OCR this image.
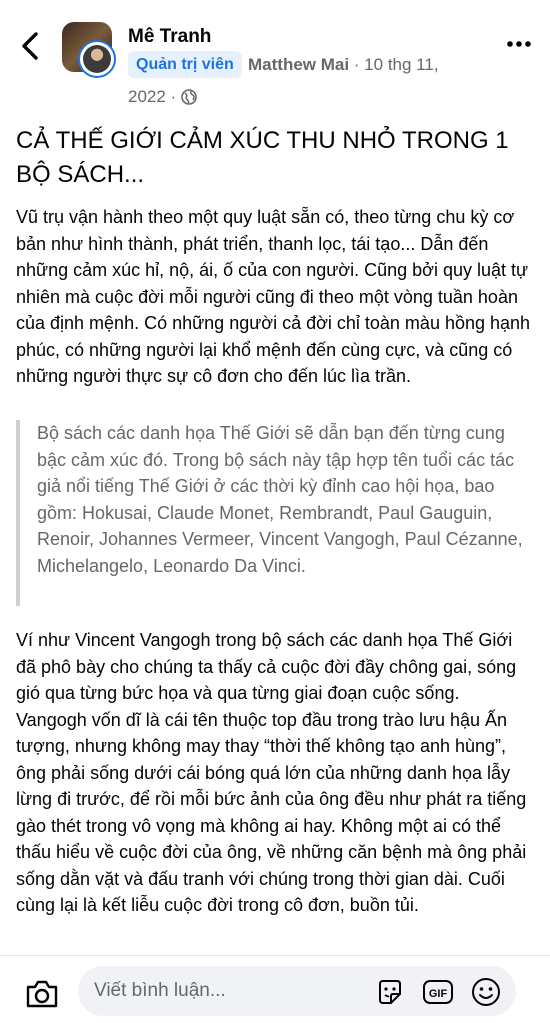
Mê Tranh
Quản trị viên Matthew Mai · 10 thg 11,
2022 ·
CẢ THẾ GIỚI CẢM XÚC THU NHỎ TRONG 1 BỘ SÁCH...

Vũ trụ vận hành theo một quy luật sẵn có, theo từng chu kỳ cơ bản như hình thành, phát triển, thanh lọc, tái tạo... Dẫn đến những cảm xúc hỉ, nộ, ái, ố của con người. Cũng bởi quy luật tự nhiên mà cuộc đời mỗi người cũng đi theo một vòng tuần hoàn của định mệnh. Có những người cả đời chỉ toàn màu hồng hạnh phúc, có những người lại khổ mệnh đến cùng cực, và cũng có những người thực sự cô đơn cho đến lúc lìa trần.

Bộ sách các danh họa Thế Giới sẽ dẫn bạn đến từng cung bậc cảm xúc đó. Trong bộ sách này tập hợp tên tuổi các tác giả nổi tiếng Thế Giới ở các thời kỳ đỉnh cao hội họa, bao gồm: Hokusai, Claude Monet, Rembrandt, Paul Gauguin, Renoir, Johannes Vermeer, Vincent Vangogh, Paul Cézanne, Michelangelo, Leonardo Da Vinci.

Ví như Vincent Vangogh trong bộ sách các danh họa Thế Giới đã phô bày cho chúng ta thấy cả cuộc đời đầy chông gai, sóng gió qua từng bức họa và qua từng giai đoạn cuộc sống. Vangogh vốn dĩ là cái tên thuộc top đầu trong trào lưu hậu Ấn tượng, nhưng không may thay “thời thế không tạo anh hùng”, ông phải sống dưới cái bóng quá lớn của những danh họa lẫy lừng đi trước, để rồi mỗi bức ảnh của ông đều như phát ra tiếng gào thét trong vô vọng mà không ai hay. Không một ai có thể thấu hiểu về cuộc đời của ông, về những căn bệnh mà ông phải sống dằn vặt và đấu tranh với chúng trong thời gian dài. Cuối cùng lại là kết liễu cuộc đời trong cô đơn, buồn tủi.

Viết bình luận...	GIF
